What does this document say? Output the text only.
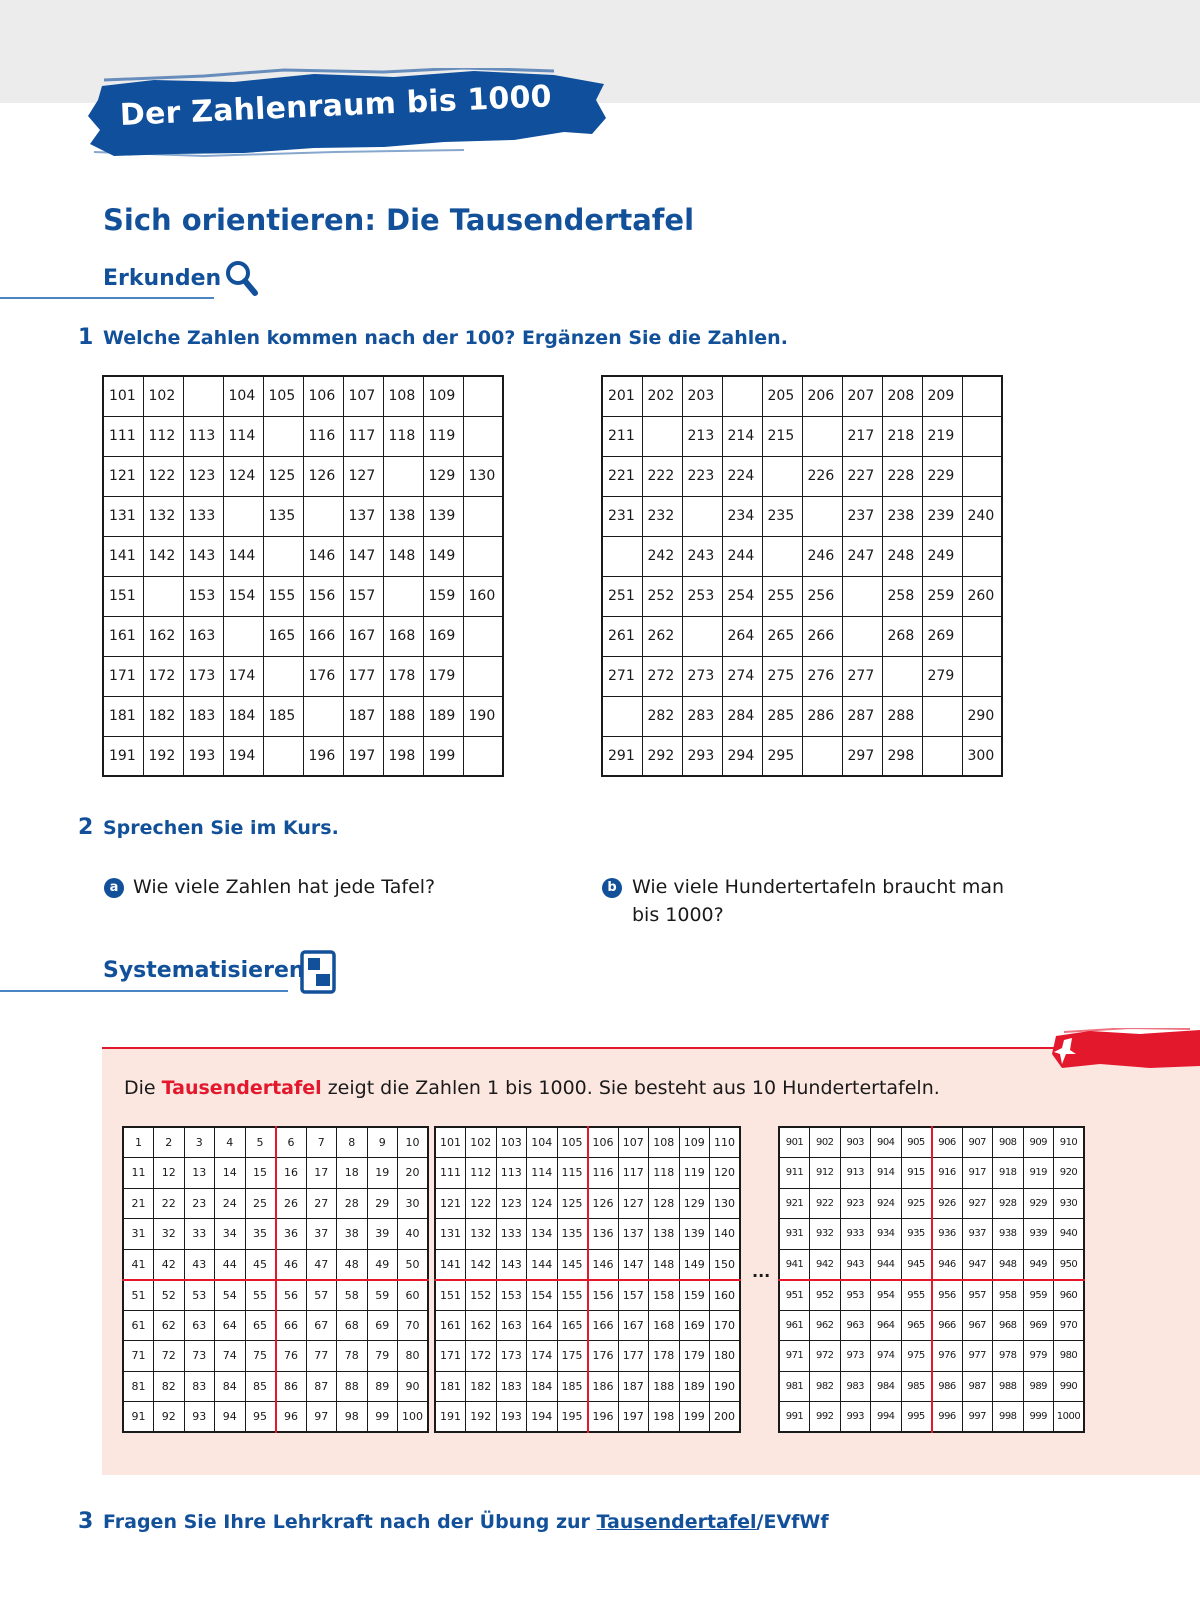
Der Zahlenraum bis 1000
Sich orientieren: Die Tausendertafel
Erkunden
1 Welche Zahlen kommen nach der 100? Ergänzen Sie die Zahlen.
101	102		104	105	106	107	108	109	
111	112	113	114		116	117	118	119	
121	122	123	124	125	126	127		129	130
131	132	133		135		137	138	139	
141	142	143	144		146	147	148	149	
151		153	154	155	156	157		159	160
161	162	163		165	166	167	168	169	
171	172	173	174		176	177	178	179	
181	182	183	184	185		187	188	189	190
191	192	193	194		196	197	198	199	
201	202	203		205	206	207	208	209	
211		213	214	215		217	218	219	
221	222	223	224		226	227	228	229	
231	232		234	235		237	238	239	240
	242	243	244		246	247	248	249	
251	252	253	254	255	256		258	259	260
261	262		264	265	266		268	269	
271	272	273	274	275	276	277		279	
	282	283	284	285	286	287	288		290
291	292	293	294	295		297	298		300
2 Sprechen Sie im Kurs.
a Wie viele Zahlen hat jede Tafel?	b Wie viele Hundertertafeln braucht man
bis 1000?
Systematisieren
Die Tausendertafel zeigt die Zahlen 1 bis 1000. Sie besteht aus 10 Hundertertafeln.
1	2	3	4	5	6	7	8	9	10
11	12	13	14	15	16	17	18	19	20
21	22	23	24	25	26	27	28	29	30
31	32	33	34	35	36	37	38	39	40
41	42	43	44	45	46	47	48	49	50
51	52	53	54	55	56	57	58	59	60
61	62	63	64	65	66	67	68	69	70
71	72	73	74	75	76	77	78	79	80
81	82	83	84	85	86	87	88	89	90
91	92	93	94	95	96	97	98	99	100
101	102	103	104	105	106	107	108	109	110
111	112	113	114	115	116	117	118	119	120
121	122	123	124	125	126	127	128	129	130
131	132	133	134	135	136	137	138	139	140
141	142	143	144	145	146	147	148	149	150
151	152	153	154	155	156	157	158	159	160
161	162	163	164	165	166	167	168	169	170
171	172	173	174	175	176	177	178	179	180
181	182	183	184	185	186	187	188	189	190
191	192	193	194	195	196	197	198	199	200
...
901	902	903	904	905	906	907	908	909	910
911	912	913	914	915	916	917	918	919	920
921	922	923	924	925	926	927	928	929	930
931	932	933	934	935	936	937	938	939	940
941	942	943	944	945	946	947	948	949	950
951	952	953	954	955	956	957	958	959	960
961	962	963	964	965	966	967	968	969	970
971	972	973	974	975	976	977	978	979	980
981	982	983	984	985	986	987	988	989	990
991	992	993	994	995	996	997	998	999	1000
3 Fragen Sie Ihre Lehrkraft nach der Übung zur Tausendertafel/EVfWf
